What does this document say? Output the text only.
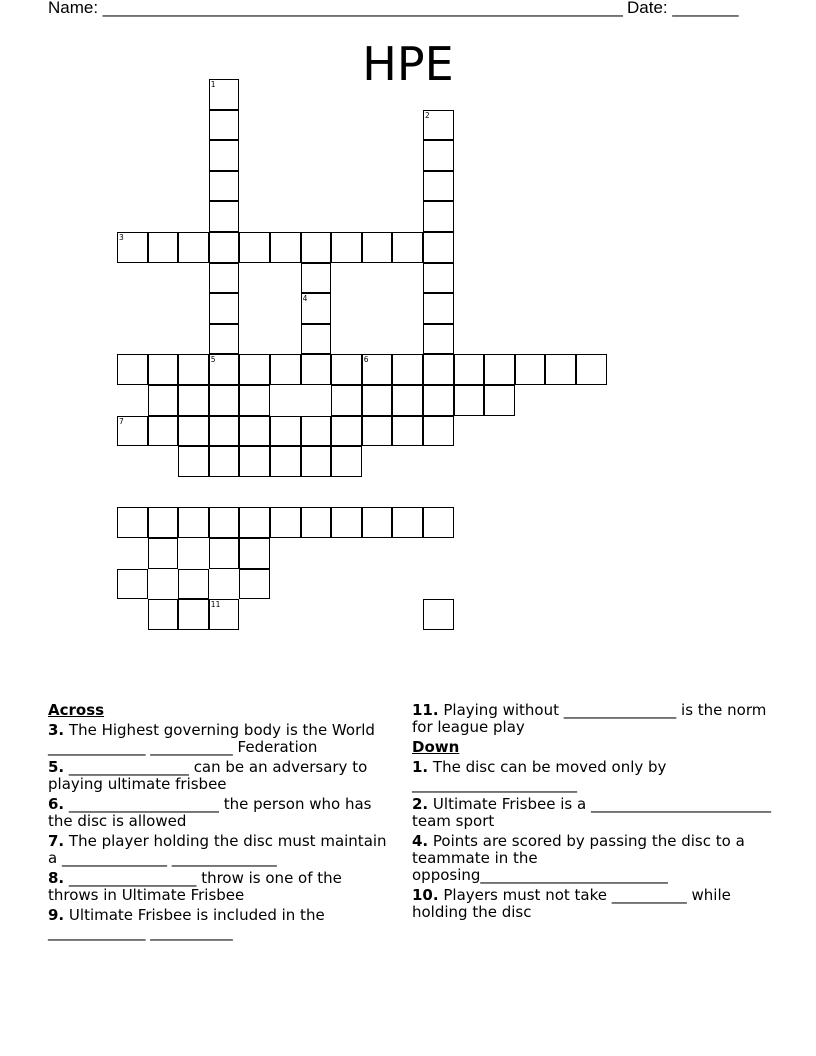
Name: _______________________________________________________ Date: _______
HPE
11
7
5	6
4
3
2
1
Across
3. The Highest governing body is the World _____________ ___________ Federation
5. ________________ can be an adversary to playing ultimate frisbee
6. ____________________ the person who has the disc is allowed
7. The player holding the disc must maintain a ______________ ______________
8. _________________ throw is one of the throws in Ultimate Frisbee
9. Ultimate Frisbee is included in the _____________ ___________
11. Playing without _______________ is the norm for league play
Down
1. The disc can be moved only by ______________________
2. Ultimate Frisbee is a ________________________ team sport
4. Points are scored by passing the disc to a teammate in the opposing_________________________
10. Players must not take __________ while holding the disc
